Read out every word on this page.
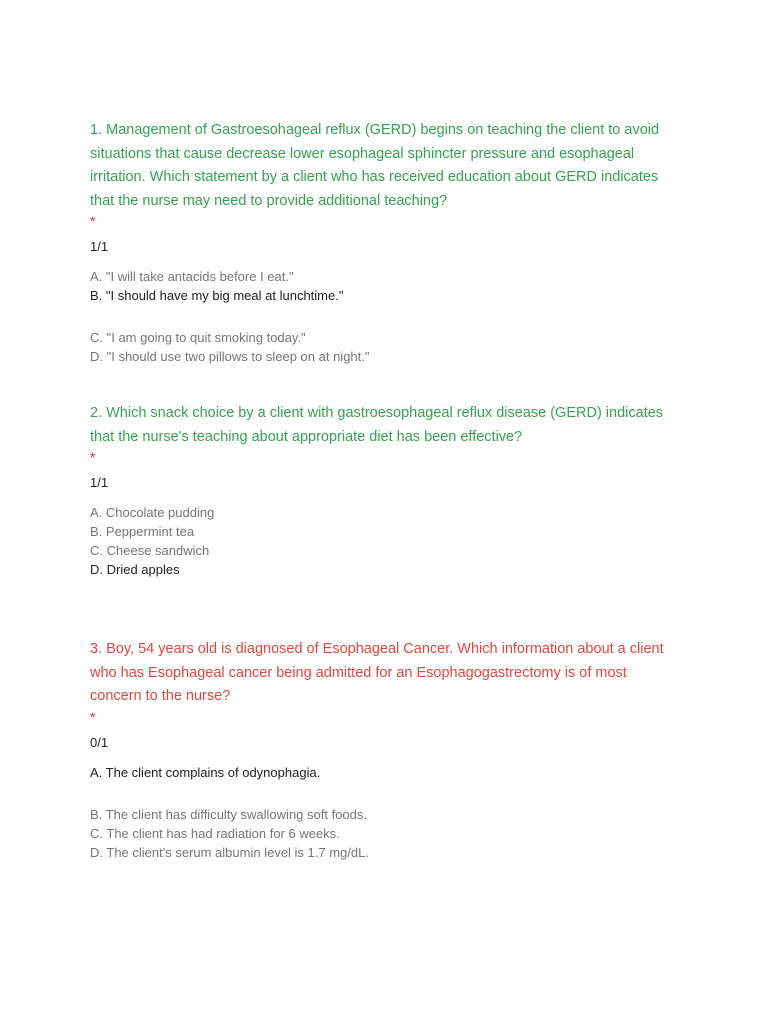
1. Management of Gastroesohageal reflux (GERD) begins on teaching the client to avoid situations that cause decrease lower esophageal sphincter pressure and esophageal irritation. Which statement by a client who has received education about GERD indicates that the nurse may need to provide additional teaching?

*
1/1
A. "I will take antacids before I eat."
B. "I should have my big meal at lunchtime."
C. "I am going to quit smoking today."
D. "I should use two pillows to sleep on at night."

2. Which snack choice by a client with gastroesophageal reflux disease (GERD) indicates that the nurse's teaching about appropriate diet has been effective?

*
1/1
A. Chocolate pudding
B. Peppermint tea
C. Cheese sandwich
D. Dried apples

3. Boy, 54 years old is diagnosed of Esophageal Cancer. Which information about a client who has Esophageal cancer being admitted for an Esophagogastrectomy is of most concern to the nurse?

*
0/1
A. The client complains of odynophagia.
B. The client has difficulty swallowing soft foods.
C. The client has had radiation for 6 weeks.
D. The client's serum albumin level is 1.7 mg/dL.
